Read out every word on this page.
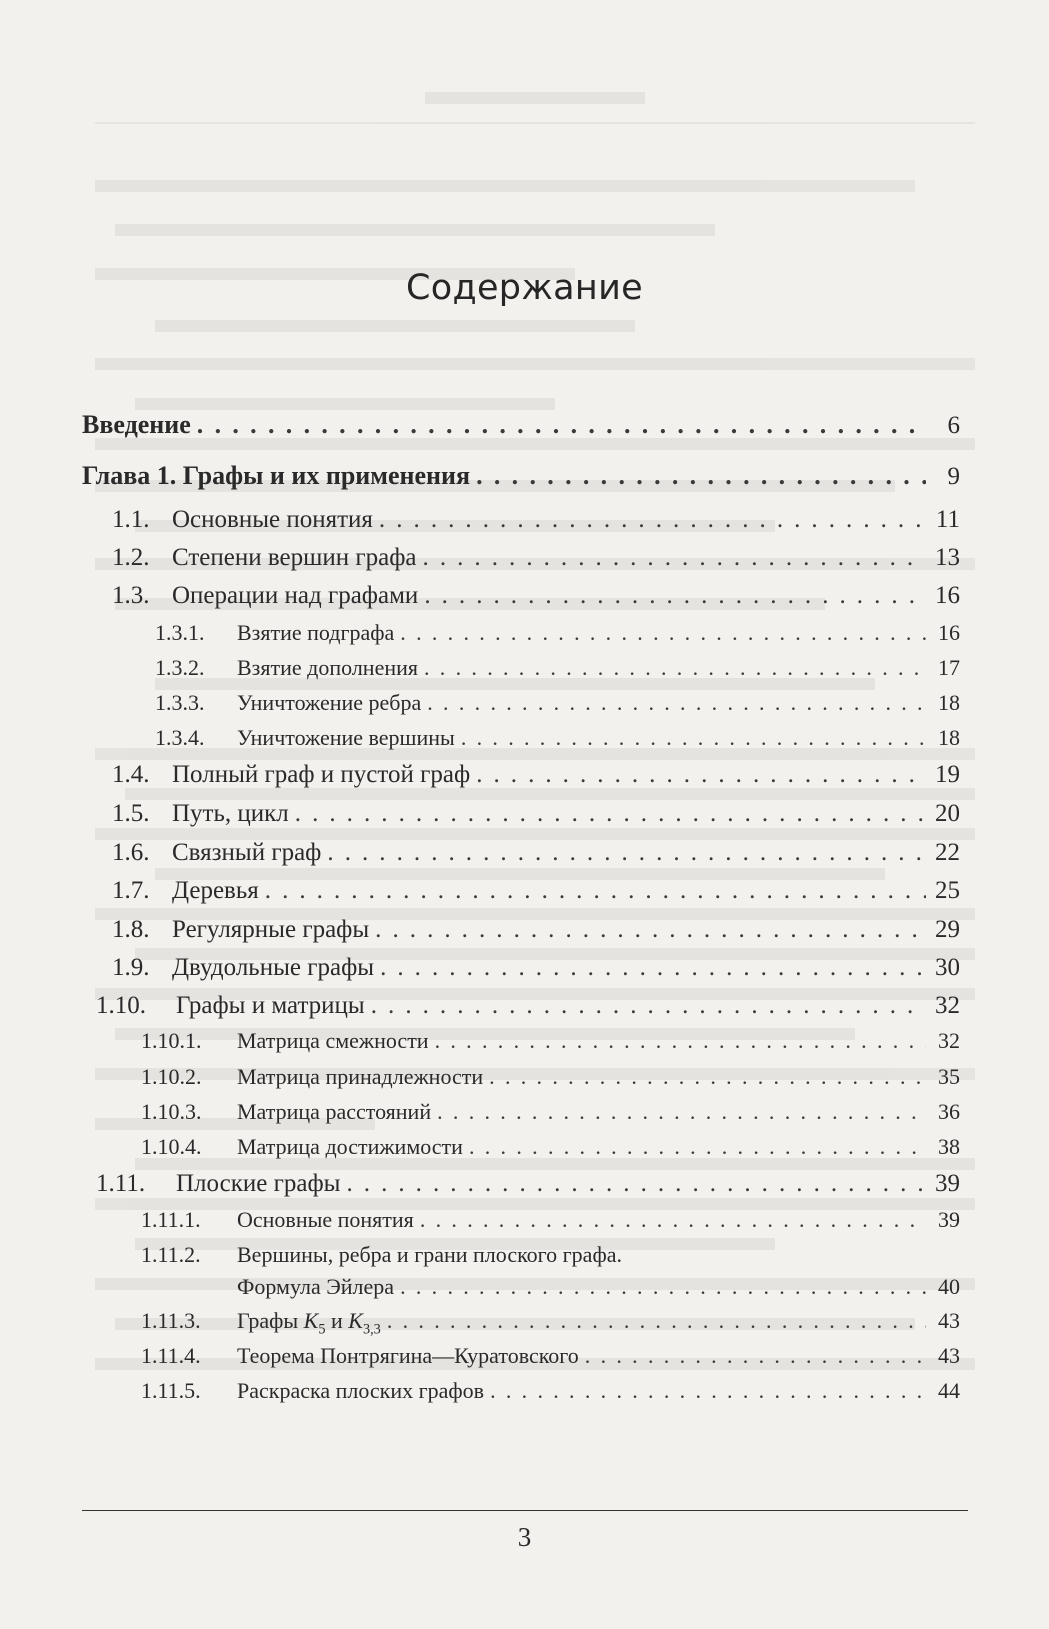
Содержание
Введение . . .	6
Глава 1. Графы и их применения . . .	9
1.1. Основные понятия . . .	11
1.2. Степени вершин графа . . .	13
1.3. Операции над графами . . .	16
1.3.1.	Взятие подграфа . . .	16
1.3.2.	Взятие дополнения . . .	17
1.3.3.	Уничтожение ребра . . .	18
1.3.4.	Уничтожение вершины . . .	18
1.4. Полный граф и пустой граф . . .	19
1.5. Путь, цикл . . .	20
1.6. Связный граф . . .	22
1.7. Деревья . . .	25
1.8. Регулярные графы . . .	29
1.9. Двудольные графы . . .	30
1.10.	Графы и матрицы . . .	32
1.10.1.	Матрица смежности . . .	32
1.10.2.	Матрица принадлежности . . .	35
1.10.3.	Матрица расстояний . . .	36
1.10.4.	Матрица достижимости . . .	38
1.11.	Плоские графы . . .	39
1.11.1.	Основные понятия . . .	39
1.11.2.	Вершины, ребра и грани плоского графа.
Формула Эйлера . . .	40
1.11.3.	Графы $K_5$ и $K_{3,3}$ . . .	43
1.11.4.	Теорема Понтрягина—Куратовского . . .	43
1.11.5.	Раскраска плоских графов . . .	44
3
